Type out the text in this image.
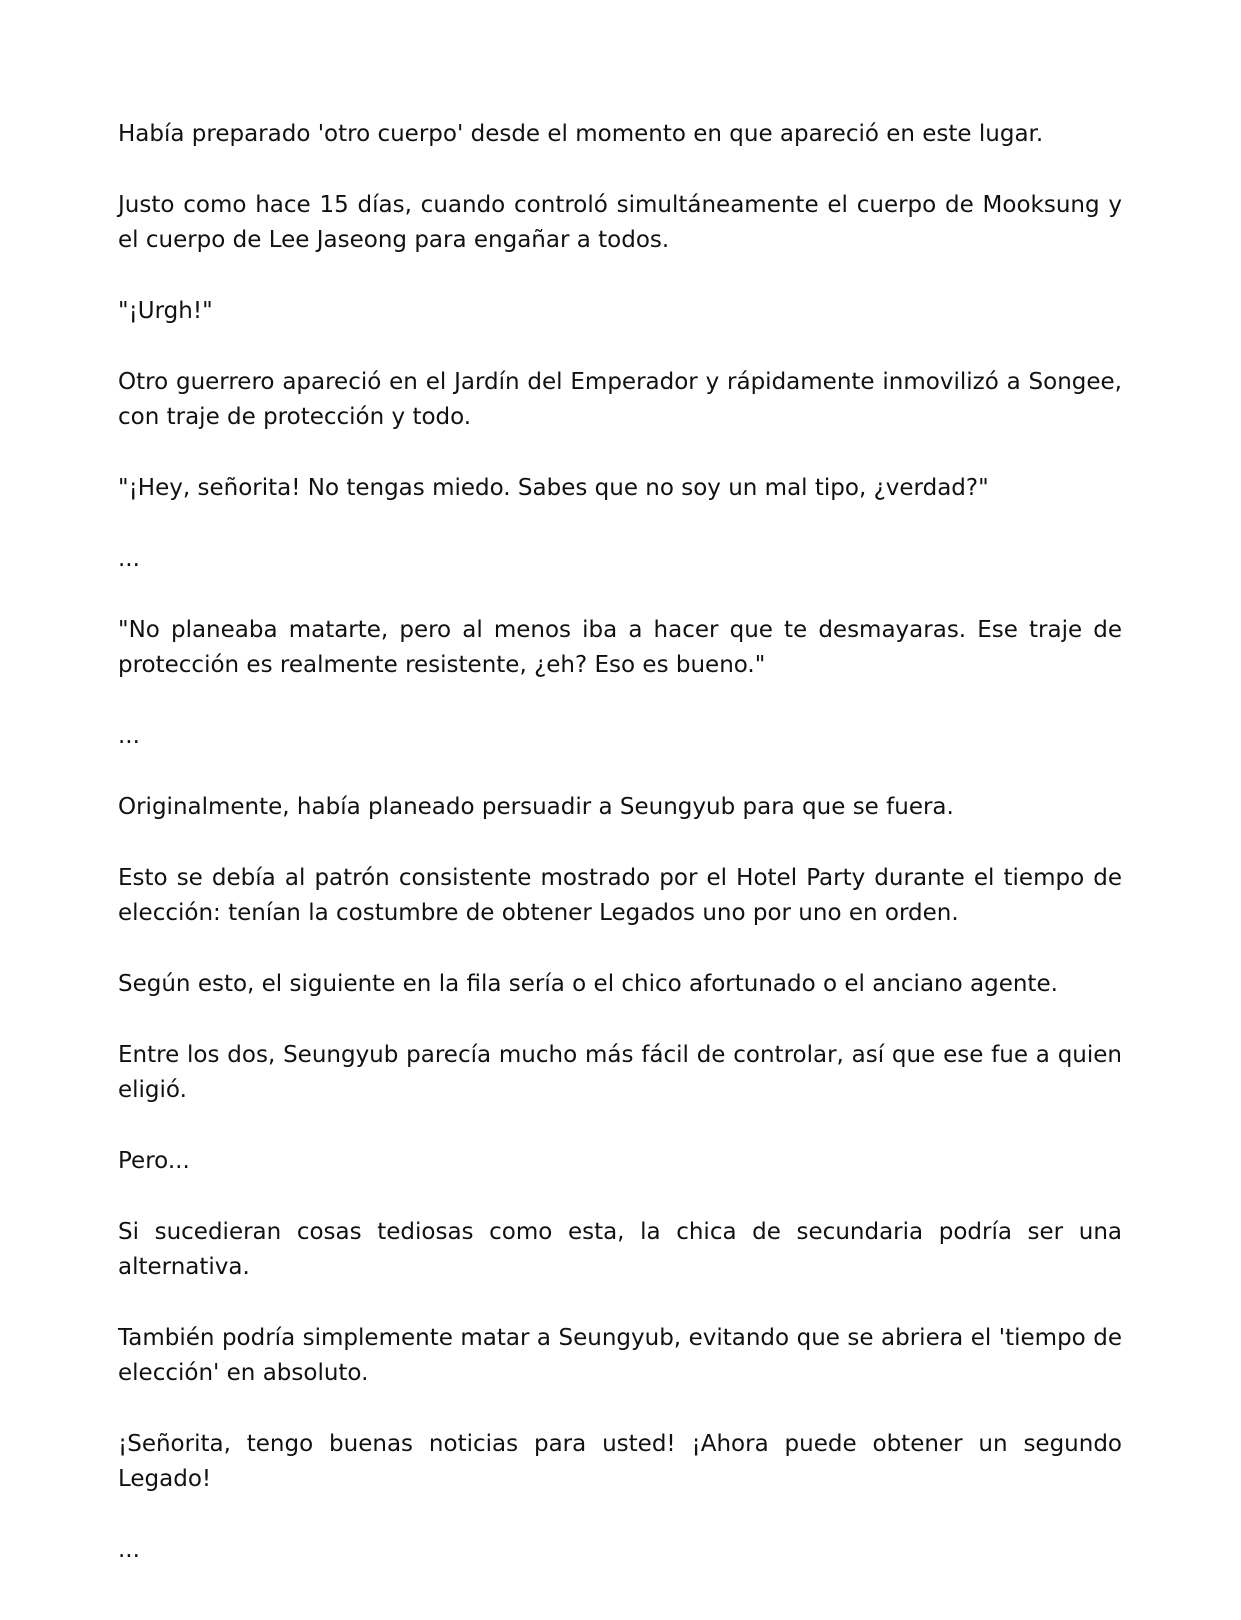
Había preparado 'otro cuerpo' desde el momento en que apareció en este lugar.

Justo como hace 15 días, cuando controló simultáneamente el cuerpo de Mooksung y el cuerpo de Lee Jaseong para engañar a todos.

"¡Urgh!"

Otro guerrero apareció en el Jardín del Emperador y rápidamente inmovilizó a Songee, con traje de protección y todo.

"¡Hey, señorita! No tengas miedo. Sabes que no soy un mal tipo, ¿verdad?"

...

"No planeaba matarte, pero al menos iba a hacer que te desmayaras. Ese traje de protección es realmente resistente, ¿eh? Eso es bueno."

...

Originalmente, había planeado persuadir a Seungyub para que se fuera.

Esto se debía al patrón consistente mostrado por el Hotel Party durante el tiempo de elección: tenían la costumbre de obtener Legados uno por uno en orden.

Según esto, el siguiente en la fila sería o el chico afortunado o el anciano agente.

Entre los dos, Seungyub parecía mucho más fácil de controlar, así que ese fue a quien eligió.

Pero...

Si sucedieran cosas tediosas como esta, la chica de secundaria podría ser una alternativa.

También podría simplemente matar a Seungyub, evitando que se abriera el 'tiempo de elección' en absoluto.

¡Señorita, tengo buenas noticias para usted! ¡Ahora puede obtener un segundo Legado!

...
